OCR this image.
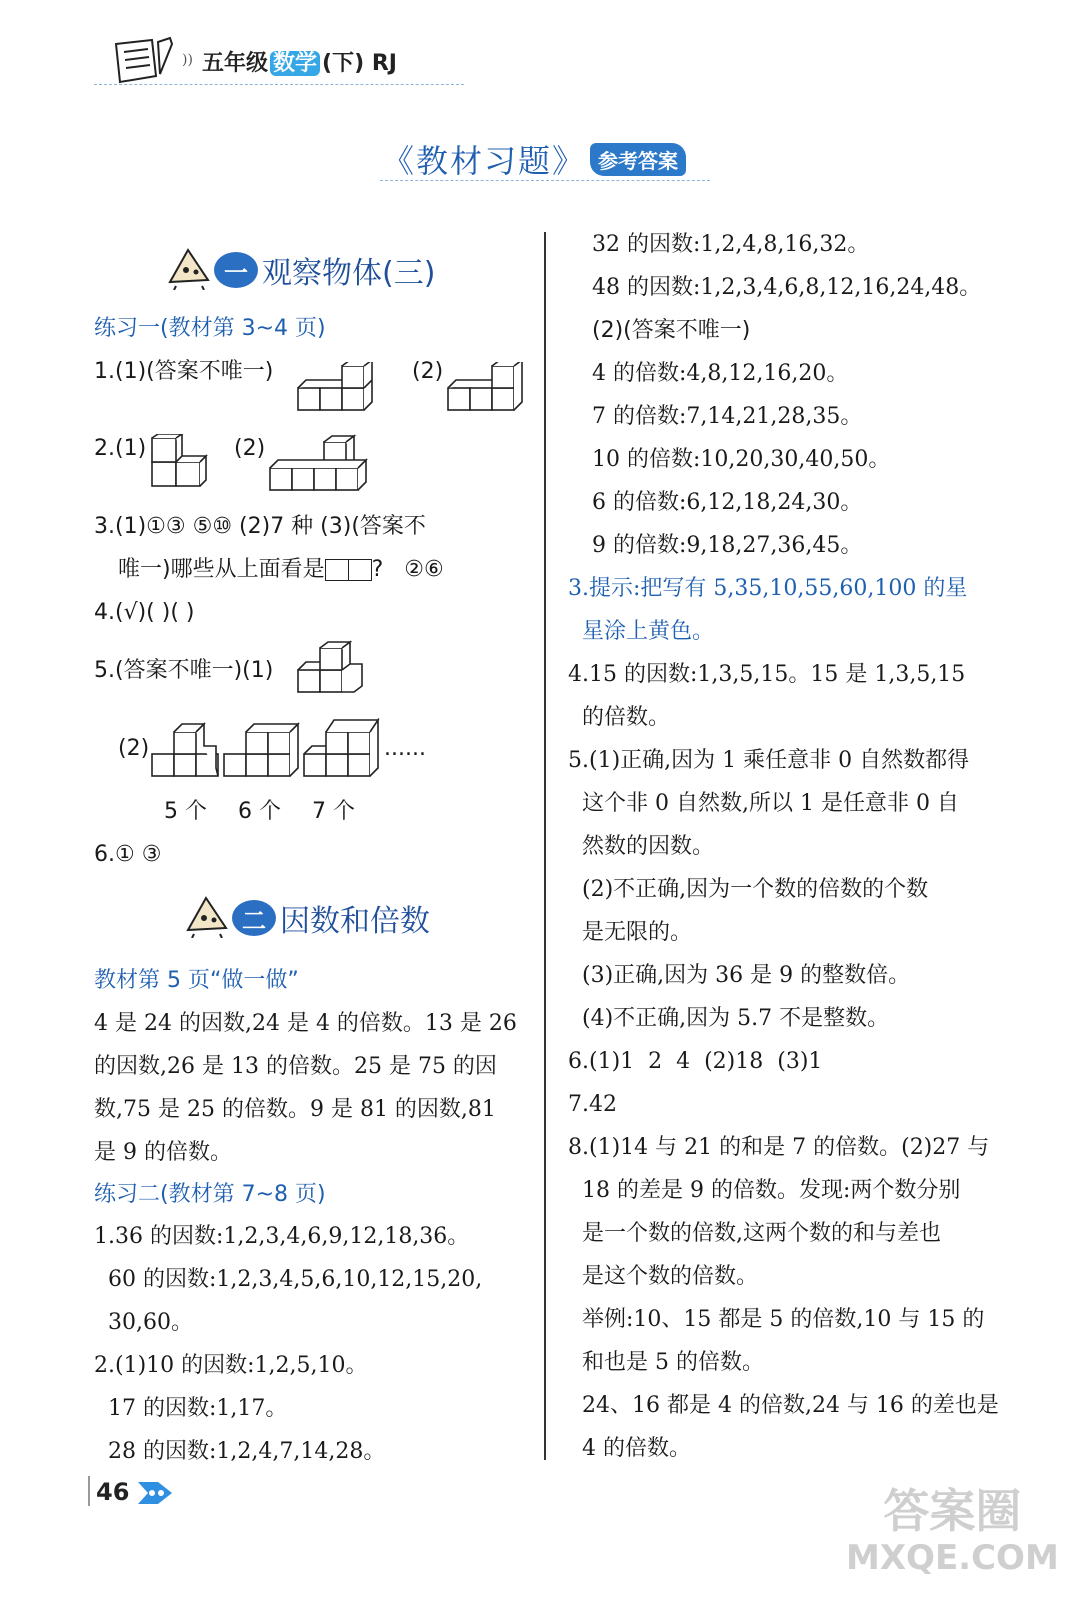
)) 五年级 数学 (下) RJ
《教材习题》 参考答案
一 观察物体(三)
练习一(教材第 3~4 页)
1.(1)(答案不唯一)	(2)
2.(1)	(2)
3.(1)①③ ⑤⑩ (2)7 种 (3)(答案不
唯一)哪些从上面看是 ? ②⑥
4.(√)( )( )
5.(答案不唯一)(1)
(2)	......
5 个 6 个 7 个
6.① ③
二 因数和倍数
教材第 5 页“做一做”
4 是 24 的因数,24 是 4 的倍数。13 是 26
的因数,26 是 13 的倍数。25 是 75 的因
数,75 是 25 的倍数。9 是 81 的因数,81
是 9 的倍数。
练习二(教材第 7~8 页)
1.36 的因数:1,2,3,4,6,9,12,18,36。
60 的因数:1,2,3,4,5,6,10,12,15,20,
30,60。
2.(1)10 的因数:1,2,5,10。
17 的因数:1,17。
28 的因数:1,2,4,7,14,28。
32 的因数:1,2,4,8,16,32。
48 的因数:1,2,3,4,6,8,12,16,24,48。
(2)(答案不唯一)
4 的倍数:4,8,12,16,20。
7 的倍数:7,14,21,28,35。
10 的倍数:10,20,30,40,50。
6 的倍数:6,12,18,24,30。
9 的倍数:9,18,27,36,45。
3.提示:把写有 5,35,10,55,60,100 的星
星涂上黄色。
4.15 的因数:1,3,5,15。15 是 1,3,5,15
的倍数。
5.(1)正确,因为 1 乘任意非 0 自然数都得
这个非 0 自然数,所以 1 是任意非 0 自
然数的因数。
(2)不正确,因为一个数的倍数的个数
是无限的。
(3)正确,因为 36 是 9 的整数倍。
(4)不正确,因为 5.7 不是整数。
6.(1)1  2  4  (2)18  (3)1
7.42
8.(1)14 与 21 的和是 7 的倍数。(2)27 与
18 的差是 9 的倍数。发现:两个数分别
是一个数的倍数,这两个数的和与差也
是这个数的倍数。
举例:10、15 都是 5 的倍数,10 与 15 的
和也是 5 的倍数。
24、16 都是 4 的倍数,24 与 16 的差也是
4 的倍数。
46	答案圈
MXQE.COM
